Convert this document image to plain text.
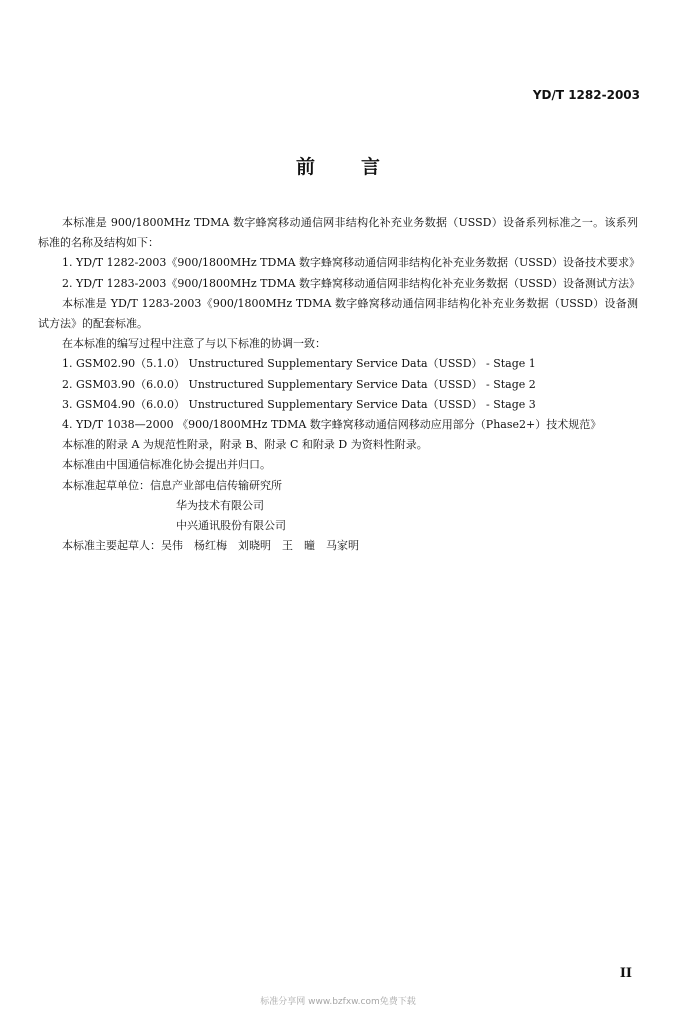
YD/T 1282-2003
前言

本标准是 900/1800MHz TDMA 数字蜂窝移动通信网非结构化补充业务数据（USSD）设备系列标准之一。该系列标准的名称及结构如下：

1. YD/T 1282-2003《900/1800MHz TDMA 数字蜂窝移动通信网非结构化补充业务数据（USSD）设备技术要求》

2. YD/T 1283-2003《900/1800MHz TDMA 数字蜂窝移动通信网非结构化补充业务数据（USSD）设备测试方法》

本标准是 YD/T 1283-2003《900/1800MHz TDMA 数字蜂窝移动通信网非结构化补充业务数据（USSD）设备测试方法》的配套标准。

在本标准的编写过程中注意了与以下标准的协调一致：

1. GSM02.90（5.1.0） Unstructured Supplementary Service Data（USSD） - Stage 1

2. GSM03.90（6.0.0） Unstructured Supplementary Service Data（USSD） - Stage 2

3. GSM04.90（6.0.0） Unstructured Supplementary Service Data（USSD） - Stage 3

4. YD/T 1038—2000 《900/1800MHz TDMA 数字蜂窝移动通信网移动应用部分（Phase2+）技术规范》

本标准的附录 A 为规范性附录，附录 B、附录 C 和附录 D 为资料性附录。

本标准由中国通信标准化协会提出并归口。

本标准起草单位：信息产业部电信传输研究所

华为技术有限公司

中兴通讯股份有限公司

本标准主要起草人：吴伟　杨红梅　刘晓明　王　曈　马家明

II
标准分享网 www.bzfxw.com免费下载
